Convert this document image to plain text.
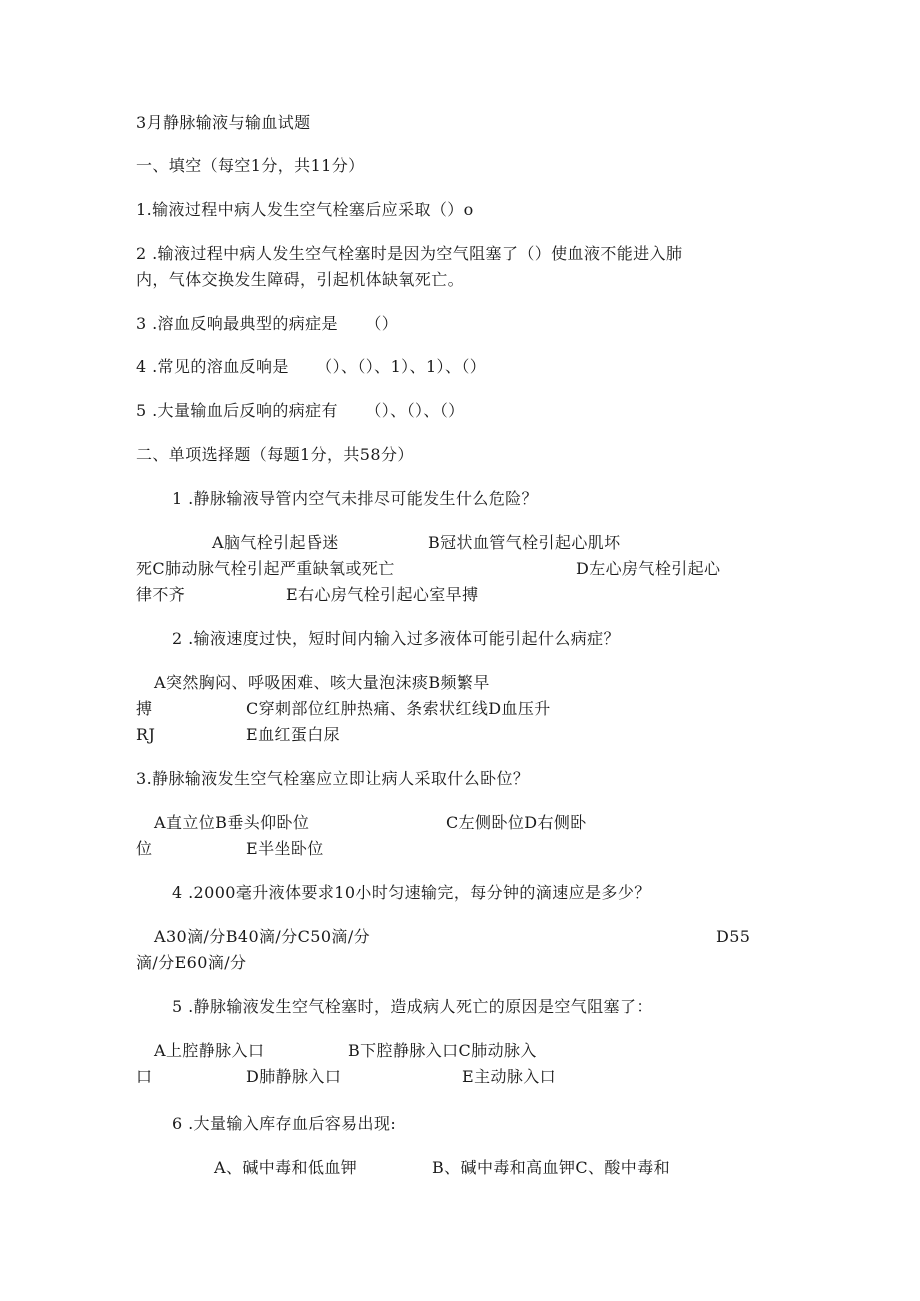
3月静脉输液与输血试题
一、填空（每空1分，共11分）
1.输液过程中病人发生空气栓塞后应采取（）o
2 .输液过程中病人发生空气栓塞时是因为空气阻塞了（）使血液不能进入肺
内，气体交换发生障碍，引起机体缺氧死亡。
3 .溶血反响最典型的病症是     （）
4 .常见的溶血反响是     （）、（）、1）、1）、（）
5 .大量输血后反响的病症有     （）、（）、（）
二、单项选择题（每题1分，共58分）
1 .静脉输液导管内空气未排尽可能发生什么危险？
A脑气栓引起昏迷	B冠状血管气栓引起心肌坏
死C肺动脉气栓引起严重缺氧或死亡	D左心房气栓引起心
律不齐	E右心房气栓引起心室早搏
2 .输液速度过快，短时间内输入过多液体可能引起什么病症？
A突然胸闷、呼吸困难、咳大量泡沫痰B频繁早
搏	C穿刺部位红肿热痛、条索状红线D血压升
RJ	E血红蛋白尿
3.静脉输液发生空气栓塞应立即让病人采取什么卧位？
A直立位B垂头仰卧位	C左侧卧位D右侧卧
位	E半坐卧位
4 .2000毫升液体要求10小时匀速输完，每分钟的滴速应是多少？
A30滴/分B40滴/分C50滴/分	D55
滴/分E60滴/分
5 .静脉输液发生空气栓塞时，造成病人死亡的原因是空气阻塞了：
A上腔静脉入口	B下腔静脉入口C肺动脉入
口	D肺静脉入口	E主动脉入口
6 .大量输入库存血后容易出现:
A、碱中毒和低血钾	B、碱中毒和高血钾C、酸中毒和
